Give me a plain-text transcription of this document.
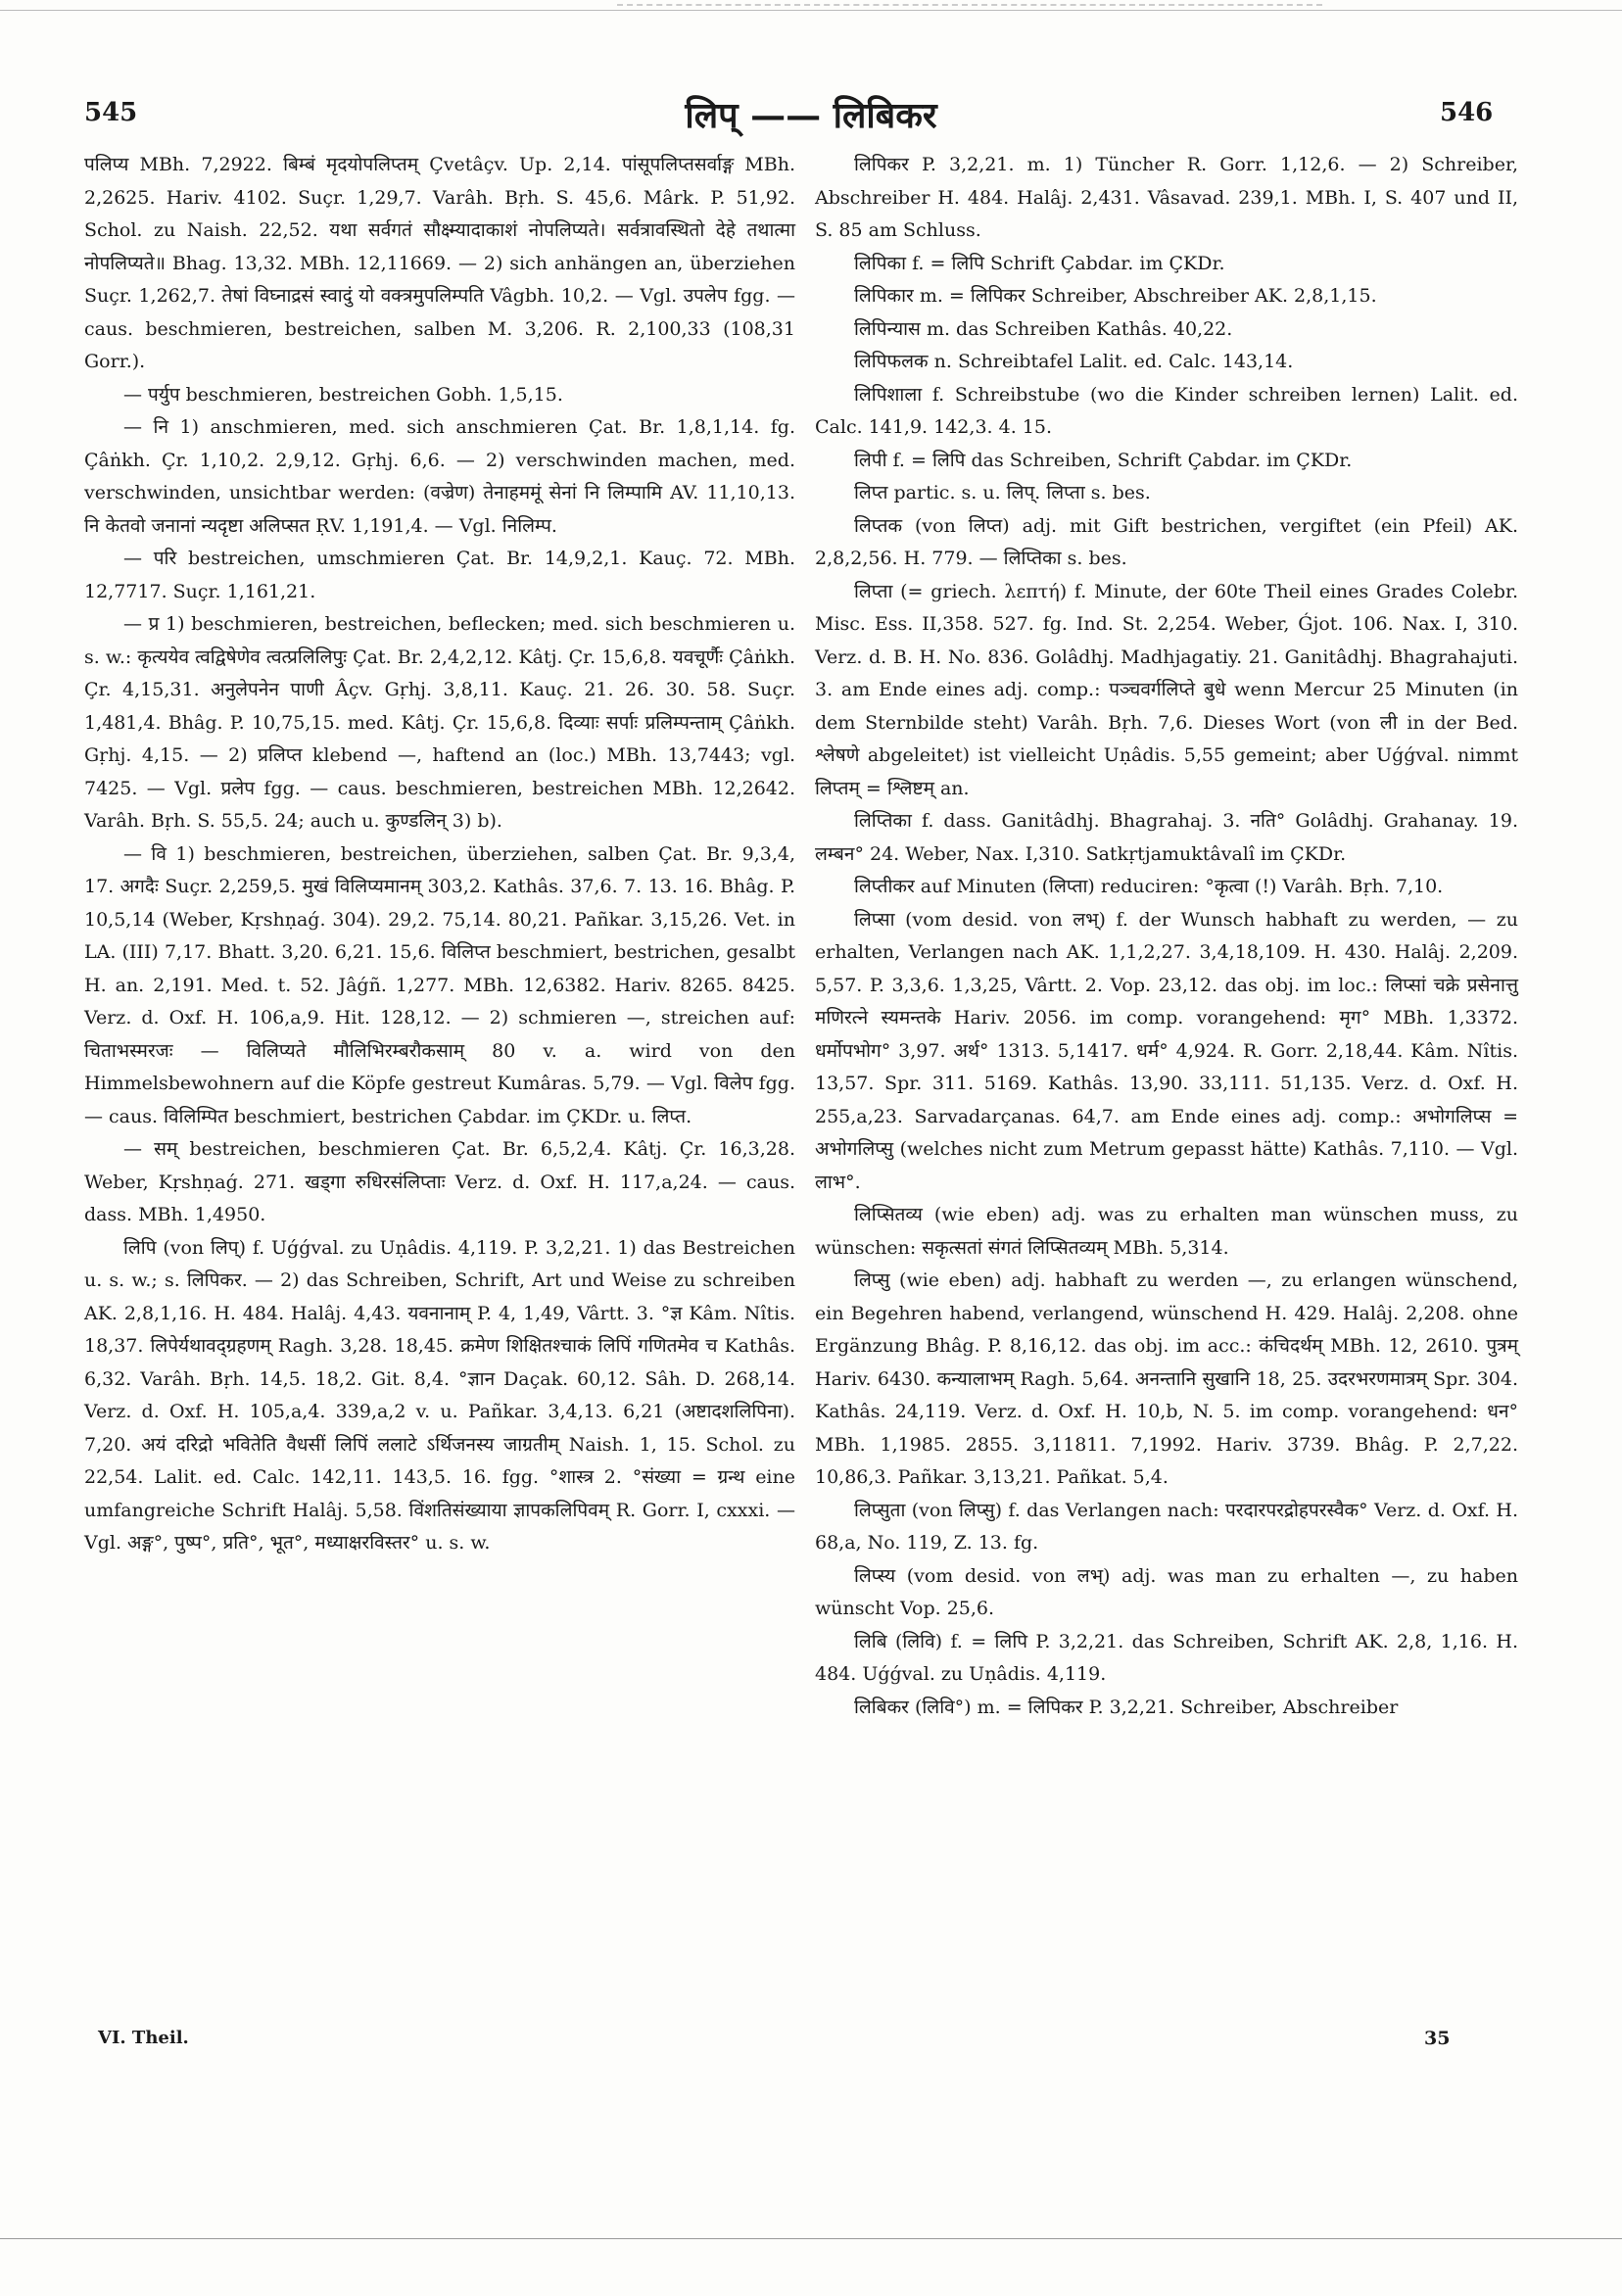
545	लिप् —— लिबिकर	546

पलिप्य MBh. 7,2922. बिम्बं मृदयोपलिप्तम् Çvetâçv. Up. 2,14. पांसूपलिप्तसर्वाङ्ग MBh. 2,2625. Hariv. 4102. Suçr. 1,29,7. Varâh. Bṛh. S. 45,6. Mârk. P. 51,92. Schol. zu Naish. 22,52. यथा सर्वगतं सौक्ष्म्यादाकाशं नोपलिप्यते। सर्वत्रावस्थितो देहे तथात्मा नोपलिप्यते॥ Bhag. 13,32. MBh. 12,11669. — 2) sich anhängen an, überziehen Suçr. 1,262,7. तेषां विघ्नाद्रसं स्वादुं यो वक्त्रमुपलिम्पति Vâgbh. 10,2. — Vgl. उपलेप fgg. — caus. beschmieren, bestreichen, salben M. 3,206. R. 2,100,33 (108,31 Gorr.).

— पर्युप beschmieren, bestreichen Gobh. 1,5,15.

— नि 1) anschmieren, med. sich anschmieren Çat. Br. 1,8,1,14. fg. Çâṅkh. Çr. 1,10,2. 2,9,12. Gṛhj. 6,6. — 2) verschwinden machen, med. verschwinden, unsichtbar werden: (वज्रेण) तेनाहममूं सेनां नि लिम्पामि AV. 11,10,13. नि केतवो जनानां न्यदृष्टा अलिप्सत ṚV. 1,191,4. — Vgl. निलिम्प.

— परि bestreichen, umschmieren Çat. Br. 14,9,2,1. Kauç. 72. MBh. 12,7717. Suçr. 1,161,21.

— प्र 1) beschmieren, bestreichen, beflecken; med. sich beschmieren u. s. w.: कृत्ययेव त्वद्विषेणेव त्वत्प्रलिलिपुः Çat. Br. 2,4,2,12. Kâtj. Çr. 15,6,8. यवचूर्णैः Çâṅkh. Çr. 4,15,31. अनुलेपनेन पाणी Âçv. Gṛhj. 3,8,11. Kauç. 21. 26. 30. 58. Suçr. 1,481,4. Bhâg. P. 10,75,15. med. Kâtj. Çr. 15,6,8. दिव्याः सर्पाः प्रलिम्पन्ताम् Çâṅkh. Gṛhj. 4,15. — 2) प्रलिप्त klebend —, haftend an (loc.) MBh. 13,7443; vgl. 7425. — Vgl. प्रलेप fgg. — caus. beschmieren, bestreichen MBh. 12,2642. Varâh. Bṛh. S. 55,5. 24; auch u. कुण्डलिन् 3) b).

— वि 1) beschmieren, bestreichen, überziehen, salben Çat. Br. 9,3,4, 17. अगदैः Suçr. 2,259,5. मुखं विलिप्यमानम् 303,2. Kathâs. 37,6. 7. 13. 16. Bhâg. P. 10,5,14 (Weber, Kṛshṇaǵ. 304). 29,2. 75,14. 80,21. Pañkar. 3,15,26. Vet. in LA. (III) 7,17. Bhatt. 3,20. 6,21. 15,6. विलिप्त beschmiert, bestrichen, gesalbt H. an. 2,191. Med. t. 52. Jâǵñ. 1,277. MBh. 12,6382. Hariv. 8265. 8425. Verz. d. Oxf. H. 106,a,9. Hit. 128,12. — 2) schmieren —, streichen auf: चिताभस्मरजः — विलिप्यते मौलिभिरम्बरौकसाम् 80 v. a. wird von den Himmelsbewohnern auf die Köpfe gestreut Kumâras. 5,79. — Vgl. विलेप fgg. — caus. विलिम्पित beschmiert, bestrichen Çabdar. im ÇKDr. u. लिप्त.

— सम् bestreichen, beschmieren Çat. Br. 6,5,2,4. Kâtj. Çr. 16,3,28. Weber, Kṛshṇaǵ. 271. खड्गा रुधिरसंलिप्ताः Verz. d. Oxf. H. 117,a,24. — caus. dass. MBh. 1,4950.

लिपि (von लिप्) f. Uǵǵval. zu Uṇâdis. 4,119. P. 3,2,21. 1) das Bestreichen u. s. w.; s. लिपिकर. — 2) das Schreiben, Schrift, Art und Weise zu schreiben AK. 2,8,1,16. H. 484. Halâj. 4,43. यवनानाम् P. 4, 1,49, Vârtt. 3. °ज्ञ Kâm. Nîtis. 18,37. लिपेर्यथावद्ग्रहणम् Ragh. 3,28. 18,45. क्रमेण शिक्षितश्चाकं लिपिं गणितमेव च Kathâs. 6,32. Varâh. Bṛh. 14,5. 18,2. Git. 8,4. °ज्ञान Daçak. 60,12. Sâh. D. 268,14. Verz. d. Oxf. H. 105,a,4. 339,a,2 v. u. Pañkar. 3,4,13. 6,21 (अष्टादशलिपिना). 7,20. अयं दरिद्रो भवितेति वैधसीं लिपिं ललाटे ऽर्थिजनस्य जाग्रतीम् Naish. 1, 15. Schol. zu 22,54. Lalit. ed. Calc. 142,11. 143,5. 16. fgg. °शास्त्र 2. °संख्या = ग्रन्थ eine umfangreiche Schrift Halâj. 5,58. विंशतिसंख्याया ज्ञापकलिपिवम् R. Gorr. I, cxxxi. — Vgl. अङ्ग°, पुष्प°, प्रति°, भूत°, मध्याक्षरविस्तर° u. s. w.

लिपिकर P. 3,2,21. m. 1) Tüncher R. Gorr. 1,12,6. — 2) Schreiber, Abschreiber H. 484. Halâj. 2,431. Vâsavad. 239,1. MBh. I, S. 407 und II, S. 85 am Schluss.

लिपिका f. = लिपि Schrift Çabdar. im ÇKDr.

लिपिकार m. = लिपिकर Schreiber, Abschreiber AK. 2,8,1,15.

लिपिन्यास m. das Schreiben Kathâs. 40,22.

लिपिफलक n. Schreibtafel Lalit. ed. Calc. 143,14.

लिपिशाला f. Schreibstube (wo die Kinder schreiben lernen) Lalit. ed. Calc. 141,9. 142,3. 4. 15.

लिपी f. = लिपि das Schreiben, Schrift Çabdar. im ÇKDr.

लिप्त partic. s. u. लिप्. लिप्ता s. bes.

लिप्तक (von लिप्त) adj. mit Gift bestrichen, vergiftet (ein Pfeil) AK. 2,8,2,56. H. 779. — लिप्तिका s. bes.

लिप्ता (= griech. λεπτή) f. Minute, der 60te Theil eines Grades Colebr. Misc. Ess. II,358. 527. fg. Ind. St. 2,254. Weber, Ǵjot. 106. Nax. I, 310. Verz. d. B. H. No. 836. Golâdhj. Madhjagatiy. 21. Ganitâdhj. Bhagrahajuti. 3. am Ende eines adj. comp.: पञ्चवर्गलिप्ते बुधे wenn Mercur 25 Minuten (in dem Sternbilde steht) Varâh. Bṛh. 7,6. Dieses Wort (von ली in der Bed. श्लेषणे abgeleitet) ist vielleicht Uṇâdis. 5,55 gemeint; aber Uǵǵval. nimmt लिप्तम् = श्लिष्टम् an.

लिप्तिका f. dass. Ganitâdhj. Bhagrahaj. 3. नति° Golâdhj. Grahanay. 19. लम्बन° 24. Weber, Nax. I,310. Satkṛtjamuktâvalî im ÇKDr.

लिप्तीकर auf Minuten (लिप्ता) reduciren: °कृत्वा (!) Varâh. Bṛh. 7,10.

लिप्सा (vom desid. von लभ्) f. der Wunsch habhaft zu werden, — zu erhalten, Verlangen nach AK. 1,1,2,27. 3,4,18,109. H. 430. Halâj. 2,209. 5,57. P. 3,3,6. 1,3,25, Vârtt. 2. Vop. 23,12. das obj. im loc.: लिप्सां चक्रे प्रसेनात्तु मणिरत्ने स्यमन्तके Hariv. 2056. im comp. vorangehend: मृग° MBh. 1,3372. धर्मोपभोग° 3,97. अर्थ° 1313. 5,1417. धर्म° 4,924. R. Gorr. 2,18,44. Kâm. Nîtis. 13,57. Spr. 311. 5169. Kathâs. 13,90. 33,111. 51,135. Verz. d. Oxf. H. 255,a,23. Sarvadarçanas. 64,7. am Ende eines adj. comp.: अभोगलिप्स = अभोगलिप्सु (welches nicht zum Metrum gepasst hätte) Kathâs. 7,110. — Vgl. लाभ°.

लिप्सितव्य (wie eben) adj. was zu erhalten man wünschen muss, zu wünschen: सकृत्सतां संगतं लिप्सितव्यम् MBh. 5,314.

लिप्सु (wie eben) adj. habhaft zu werden —, zu erlangen wünschend, ein Begehren habend, verlangend, wünschend H. 429. Halâj. 2,208. ohne Ergänzung Bhâg. P. 8,16,12. das obj. im acc.: कंचिदर्थम् MBh. 12, 2610. पुत्रम् Hariv. 6430. कन्यालाभम् Ragh. 5,64. अनन्तानि सुखानि 18, 25. उदरभरणमात्रम् Spr. 304. Kathâs. 24,119. Verz. d. Oxf. H. 10,b, N. 5. im comp. vorangehend: धन° MBh. 1,1985. 2855. 3,11811. 7,1992. Hariv. 3739. Bhâg. P. 2,7,22. 10,86,3. Pañkar. 3,13,21. Pañkat. 5,4.

लिप्सुता (von लिप्सु) f. das Verlangen nach: परदारपरद्रोहपरस्वैक° Verz. d. Oxf. H. 68,a, No. 119, Z. 13. fg.

लिप्स्य (vom desid. von लभ्) adj. was man zu erhalten —, zu haben wünscht Vop. 25,6.

लिबि (लिवि) f. = लिपि P. 3,2,21. das Schreiben, Schrift AK. 2,8, 1,16. H. 484. Uǵǵval. zu Uṇâdis. 4,119.

लिबिकर (लिवि°) m. = लिपिकर P. 3,2,21. Schreiber, Abschreiber

VI. Theil.	35
